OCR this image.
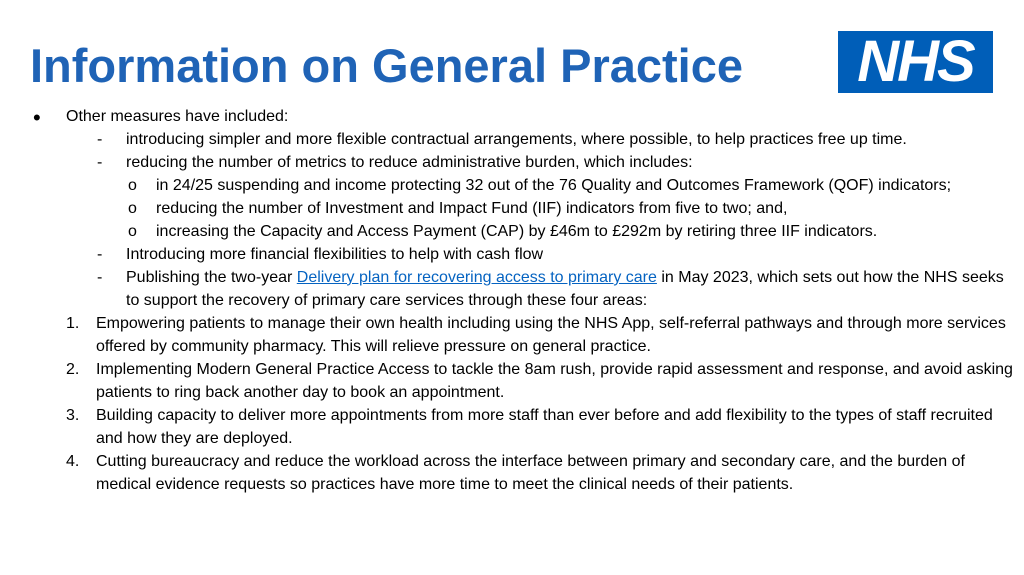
Information on General Practice NHS
• Other measures have included:
- introducing simpler and more flexible contractual arrangements, where possible, to help practices free up time.
- reducing the number of metrics to reduce administrative burden, which includes:
o in 24/25 suspending and income protecting 32 out of the 76 Quality and Outcomes Framework (QOF) indicators;
o reducing the number of Investment and Impact Fund (IIF) indicators from five to two; and,
o increasing the Capacity and Access Payment (CAP) by £46m to £292m by retiring three IIF indicators.
- Introducing more financial flexibilities to help with cash flow
- Publishing the two-year Delivery plan for recovering access to primary care in May 2023, which sets out how the NHS seeks to support the recovery of primary care services through these four areas:
1. Empowering patients to manage their own health including using the NHS App, self-referral pathways and through more services offered by community pharmacy. This will relieve pressure on general practice.
2. Implementing Modern General Practice Access to tackle the 8am rush, provide rapid assessment and response, and avoid asking patients to ring back another day to book an appointment.
3. Building capacity to deliver more appointments from more staff than ever before and add flexibility to the types of staff recruited and how they are deployed.
4. Cutting bureaucracy and reduce the workload across the interface between primary and secondary care, and the burden of medical evidence requests so practices have more time to meet the clinical needs of their patients.
